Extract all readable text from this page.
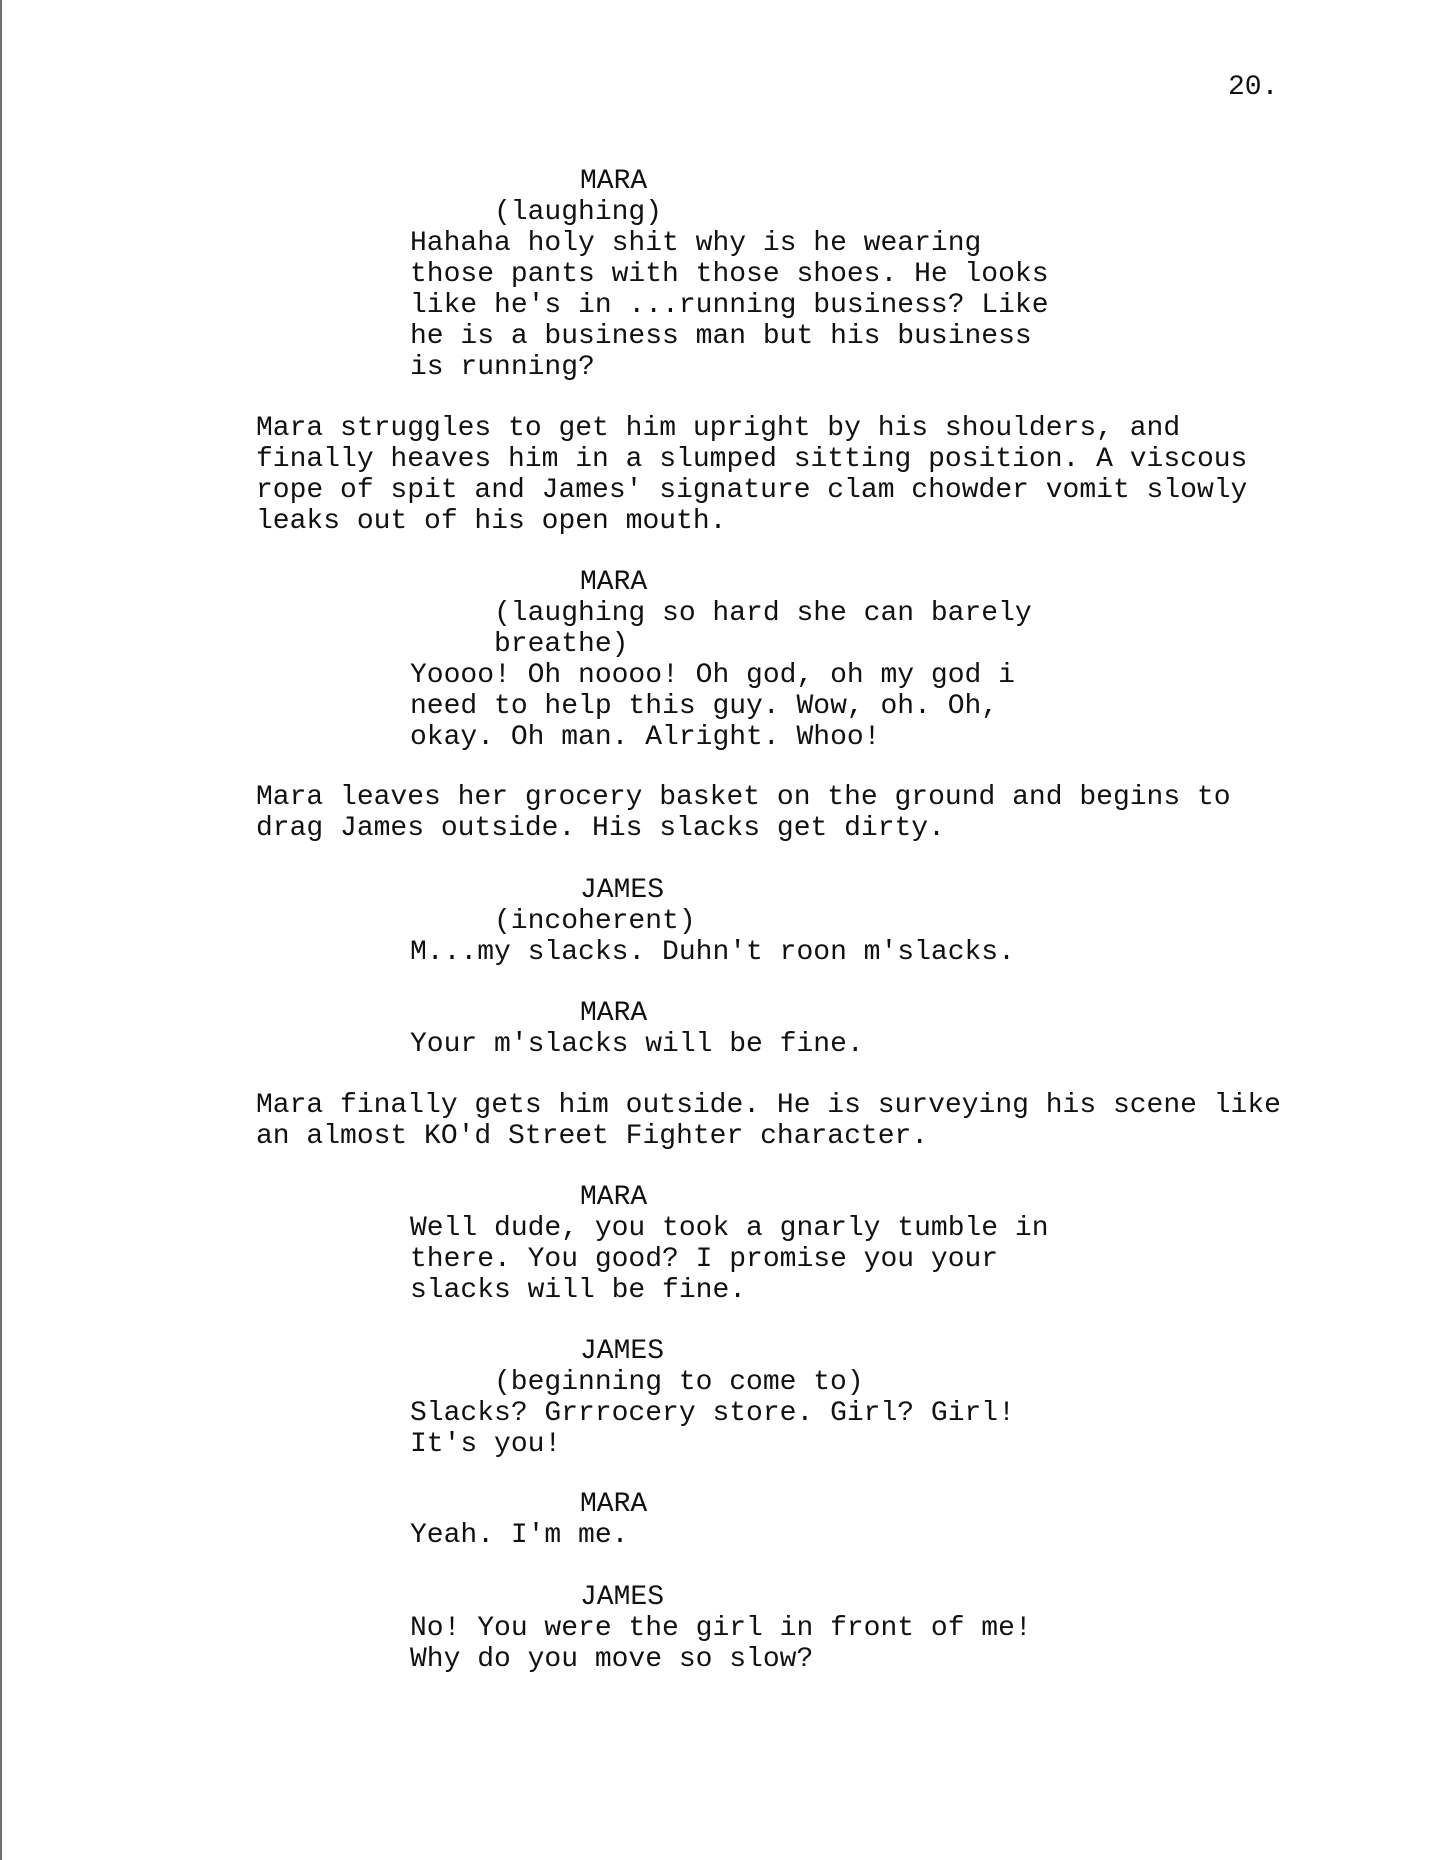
20.
MARA
(laughing)
Hahaha holy shit why is he wearing
those pants with those shoes. He looks
like he's in ...running business? Like
he is a business man but his business
is running?
Mara struggles to get him upright by his shoulders, and
finally heaves him in a slumped sitting position. A viscous
rope of spit and James' signature clam chowder vomit slowly
leaks out of his open mouth.
MARA
(laughing so hard she can barely
breathe)
Yoooo! Oh noooo! Oh god, oh my god i
need to help this guy. Wow, oh. Oh,
okay. Oh man. Alright. Whoo!
Mara leaves her grocery basket on the ground and begins to
drag James outside. His slacks get dirty.
JAMES
(incoherent)
M...my slacks. Duhn't roon m'slacks.
MARA
Your m'slacks will be fine.
Mara finally gets him outside. He is surveying his scene like
an almost KO'd Street Fighter character.
MARA
Well dude, you took a gnarly tumble in
there. You good? I promise you your
slacks will be fine.
JAMES
(beginning to come to)
Slacks? Grrrocery store. Girl? Girl!
It's you!
MARA
Yeah. I'm me.
JAMES
No! You were the girl in front of me!
Why do you move so slow?
